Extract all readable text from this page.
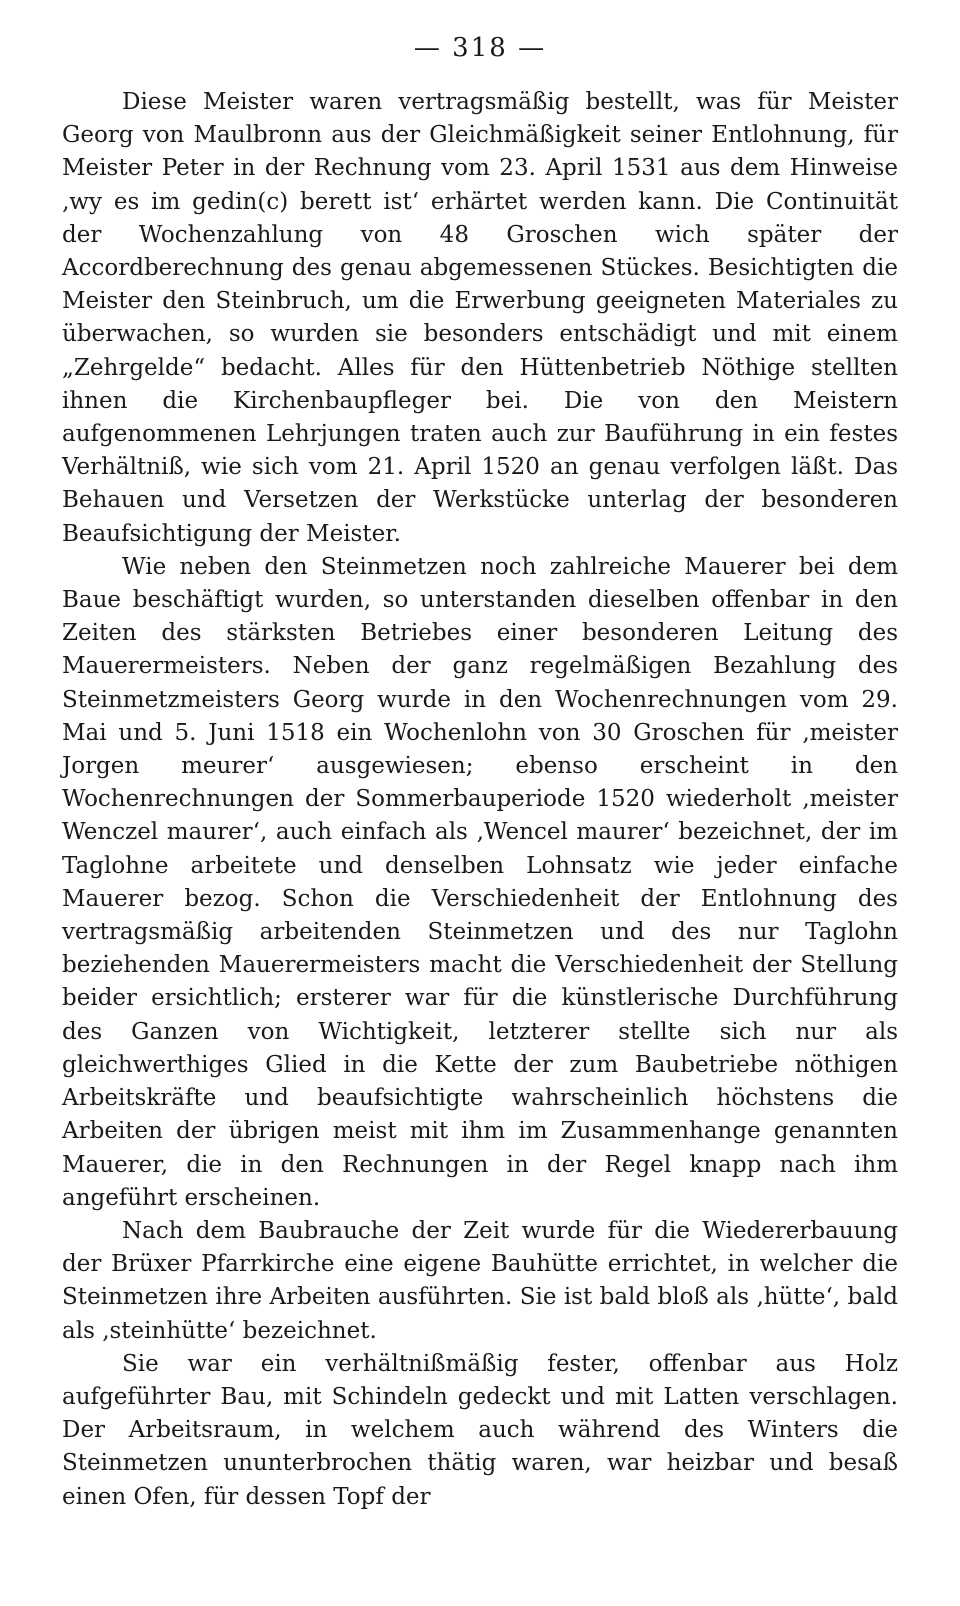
— 318 —

Diese Meister waren vertragsmäßig bestellt, was für Meister Georg von Maulbronn aus der Gleichmäßigkeit seiner Entlohnung, für Meister Peter in der Rechnung vom 23. April 1531 aus dem Hinweise ‚wy es im gedin(c) berett ist‘ erhärtet werden kann. Die Continuität der Wochenzahlung von 48 Groschen wich später der Accordberechnung des genau abgemessenen Stückes. Besichtigten die Meister den Steinbruch, um die Erwerbung geeigneten Materiales zu überwachen, so wurden sie besonders entschädigt und mit einem „Zehrgelde“ bedacht. Alles für den Hüttenbetrieb Nöthige stellten ihnen die Kirchenbaupfleger bei. Die von den Meistern aufgenommenen Lehrjungen traten auch zur Bauführung in ein festes Verhältniß, wie sich vom 21. April 1520 an genau verfolgen läßt. Das Behauen und Versetzen der Werkstücke unterlag der besonderen Beaufsichtigung der Meister.

Wie neben den Steinmetzen noch zahlreiche Mauerer bei dem Baue beschäftigt wurden, so unterstanden dieselben offenbar in den Zeiten des stärksten Betriebes einer besonderen Leitung des Mauerermeisters. Neben der ganz regelmäßigen Bezahlung des Steinmetzmeisters Georg wurde in den Wochenrechnungen vom 29. Mai und 5. Juni 1518 ein Wochenlohn von 30 Groschen für ‚meister Jorgen meurer‘ ausgewiesen; ebenso erscheint in den Wochenrechnungen der Sommerbauperiode 1520 wiederholt ‚meister Wenczel maurer‘, auch einfach als ‚Wencel maurer‘ bezeichnet, der im Taglohne arbeitete und denselben Lohnsatz wie jeder einfache Mauerer bezog. Schon die Verschiedenheit der Entlohnung des vertragsmäßig arbeitenden Steinmetzen und des nur Taglohn beziehenden Mauerermeisters macht die Verschiedenheit der Stellung beider ersichtlich; ersterer war für die künstlerische Durchführung des Ganzen von Wichtigkeit, letzterer stellte sich nur als gleichwerthiges Glied in die Kette der zum Baubetriebe nöthigen Arbeitskräfte und beaufsichtigte wahrscheinlich höchstens die Arbeiten der übrigen meist mit ihm im Zusammenhange genannten Mauerer, die in den Rechnungen in der Regel knapp nach ihm angeführt erscheinen.

Nach dem Baubrauche der Zeit wurde für die Wiedererbauung der Brüxer Pfarrkirche eine eigene Bauhütte errichtet, in welcher die Steinmetzen ihre Arbeiten ausführten. Sie ist bald bloß als ‚hütte‘, bald als ‚steinhütte‘ bezeichnet.

Sie war ein verhältnißmäßig fester, offenbar aus Holz aufgeführter Bau, mit Schindeln gedeckt und mit Latten verschlagen. Der Arbeitsraum, in welchem auch während des Winters die Steinmetzen ununterbrochen thätig waren, war heizbar und besaß einen Ofen, für dessen Topf der
